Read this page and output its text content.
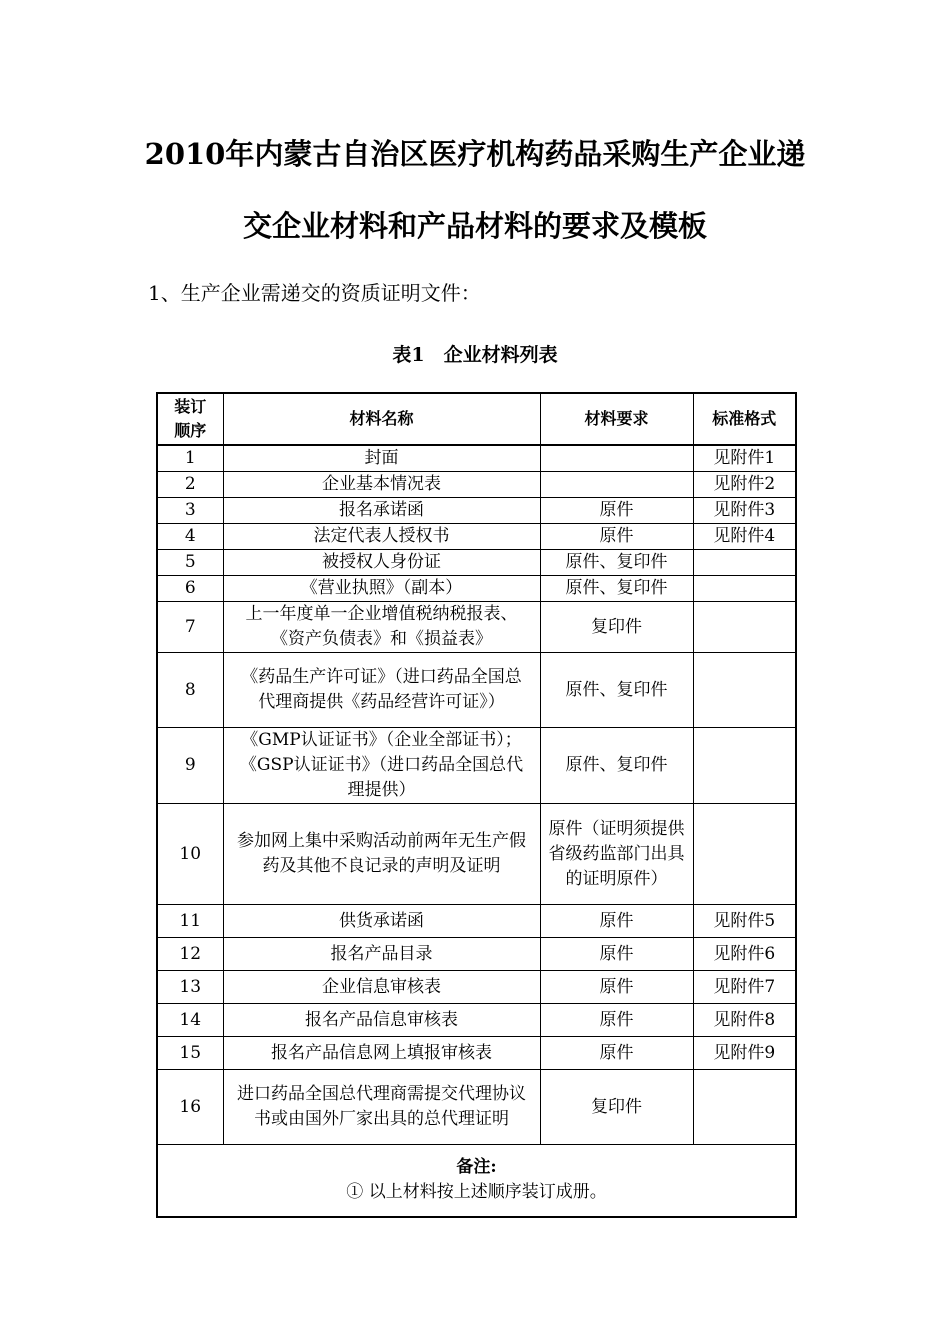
2010年内蒙古自治区医疗机构药品采购生产企业递
交企业材料和产品材料的要求及模板
1、生产企业需递交的资质证明文件：
表1　企业材料列表
装订顺序	材料名称	材料要求	标准格式
1	封面		见附件1
2	企业基本情况表		见附件2
3	报名承诺函	原件	见附件3
4	法定代表人授权书	原件	见附件4
5	被授权人身份证	原件、复印件	
6	《营业执照》（副本）	原件、复印件	
7	上一年度单一企业增值税纳税报表、《资产负债表》和《损益表》	复印件	
8	《药品生产许可证》（进口药品全国总代理商提供《药品经营许可证》）	原件、复印件	
9	《GMP认证证书》（企业全部证书）；《GSP认证证书》（进口药品全国总代理提供）	原件、复印件	
10	参加网上集中采购活动前两年无生产假药及其他不良记录的声明及证明	原件（证明须提供省级药监部门出具的证明原件）	
11	供货承诺函	原件	见附件5
12	报名产品目录	原件	见附件6
13	企业信息审核表	原件	见附件7
14	报名产品信息审核表	原件	见附件8
15	报名产品信息网上填报审核表	原件	见附件9
16	进口药品全国总代理商需提交代理协议书或由国外厂家出具的总代理证明	复印件	

备注:
① 以上材料按上述顺序装订成册。			
